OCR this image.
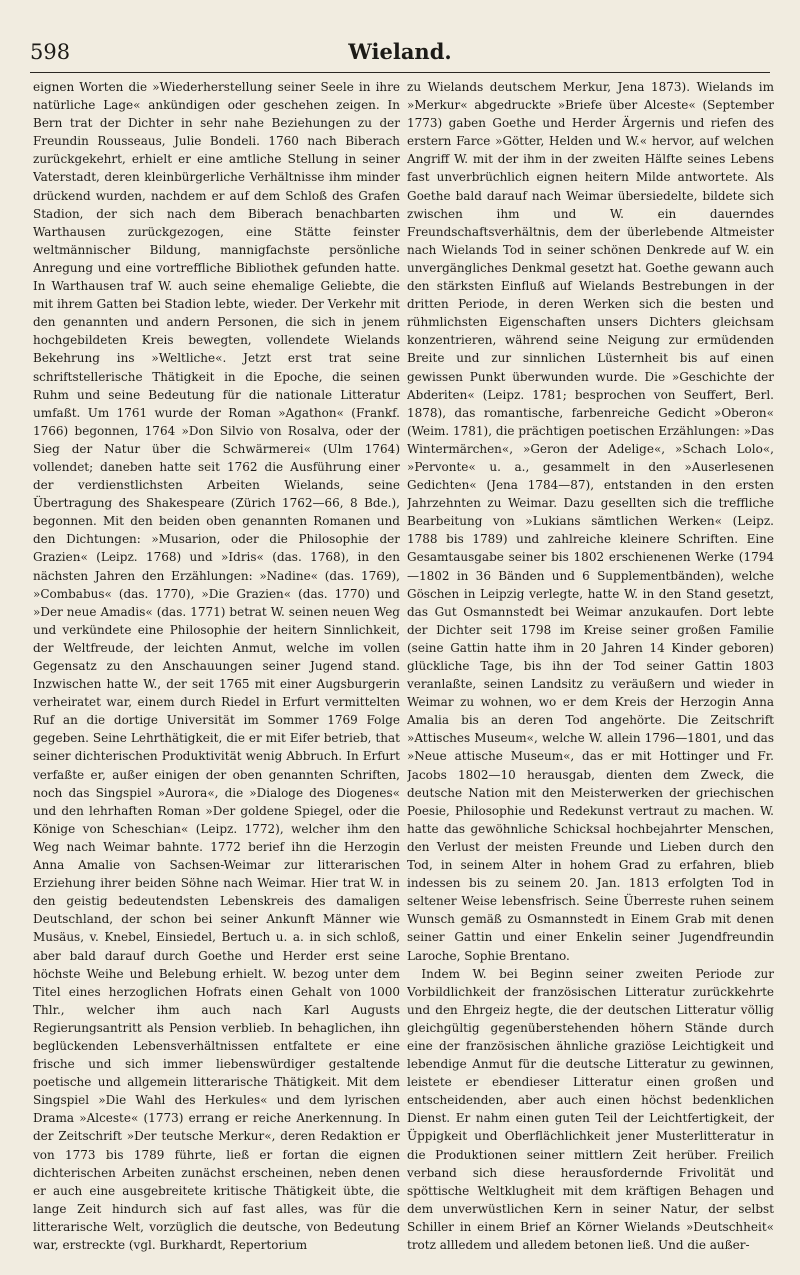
598	Wieland.

eignen Worten die »Wiederherstellung seiner Seele in ihre natürliche Lage« ankündigen oder geschehen zeigen. In Bern trat der Dichter in sehr nahe Beziehungen zu der Freundin Rousseaus, Julie Bondeli. 1760 nach Biberach zurückgekehrt, erhielt er eine amtliche Stellung in seiner Vaterstadt, deren kleinbürgerliche Verhältnisse ihm minder drückend wurden, nachdem er auf dem Schloß des Grafen Stadion, der sich nach dem Biberach benachbarten Warthausen zurückgezogen, eine Stätte feinster weltmännischer Bildung, mannigfachste persönliche Anregung und eine vortreffliche Bibliothek gefunden hatte. In Warthausen traf W. auch seine ehemalige Geliebte, die mit ihrem Gatten bei Stadion lebte, wieder. Der Verkehr mit den genannten und andern Personen, die sich in jenem hochgebildeten Kreis bewegten, vollendete Wielands Bekehrung ins »Weltliche«. Jetzt erst trat seine schriftstellerische Thätigkeit in die Epoche, die seinen Ruhm und seine Bedeutung für die nationale Litteratur umfaßt. Um 1761 wurde der Roman »Agathon« (Frankf. 1766) begonnen, 1764 »Don Silvio von Rosalva, oder der Sieg der Natur über die Schwärmerei« (Ulm 1764) vollendet; daneben hatte seit 1762 die Ausführung einer der verdienstlichsten Arbeiten Wielands, seine Übertragung des Shakespeare (Zürich 1762—66, 8 Bde.), begonnen. Mit den beiden oben genannten Romanen und den Dichtungen: »Musarion, oder die Philosophie der Grazien« (Leipz. 1768) und »Idris« (das. 1768), in den nächsten Jahren den Erzählungen: »Nadine« (das. 1769), »Combabus« (das. 1770), »Die Grazien« (das. 1770) und »Der neue Amadis« (das. 1771) betrat W. seinen neuen Weg und verkündete eine Philosophie der heitern Sinnlichkeit, der Weltfreude, der leichten Anmut, welche im vollen Gegensatz zu den Anschauungen seiner Jugend stand. Inzwischen hatte W., der seit 1765 mit einer Augsburgerin verheiratet war, einem durch Riedel in Erfurt vermittelten Ruf an die dortige Universität im Sommer 1769 Folge gegeben. Seine Lehrthätigkeit, die er mit Eifer betrieb, that seiner dichterischen Produktivität wenig Abbruch. In Erfurt verfaßte er, außer einigen der oben genannten Schriften, noch das Singspiel »Aurora«, die »Dialoge des Diogenes« und den lehrhaften Roman »Der goldene Spiegel, oder die Könige von Scheschian« (Leipz. 1772), welcher ihm den Weg nach Weimar bahnte. 1772 berief ihn die Herzogin Anna Amalie von Sachsen-Weimar zur litterarischen Erziehung ihrer beiden Söhne nach Weimar. Hier trat W. in den geistig bedeutendsten Lebenskreis des damaligen Deutschland, der schon bei seiner Ankunft Männer wie Musäus, v. Knebel, Einsiedel, Bertuch u. a. in sich schloß, aber bald darauf durch Goethe und Herder erst seine höchste Weihe und Belebung erhielt. W. bezog unter dem Titel eines herzoglichen Hofrats einen Gehalt von 1000 Thlr., welcher ihm auch nach Karl Augusts Regierungsantritt als Pension verblieb. In behaglichen, ihn beglückenden Lebensverhältnissen entfaltete er eine frische und sich immer liebenswürdiger gestaltende poetische und allgemein litterarische Thätigkeit. Mit dem Singspiel »Die Wahl des Herkules« und dem lyrischen Drama »Alceste« (1773) errang er reiche Anerkennung. In der Zeitschrift »Der teutsche Merkur«, deren Redaktion er von 1773 bis 1789 führte, ließ er fortan die eignen dichterischen Arbeiten zunächst erscheinen, neben denen er auch eine ausgebreitete kritische Thätigkeit übte, die lange Zeit hindurch sich auf fast alles, was für die litterarische Welt, vorzüglich die deutsche, von Bedeutung war, erstreckte (vgl. Burkhardt, Repertorium

zu Wielands deutschem Merkur, Jena 1873). Wielands im »Merkur« abgedruckte »Briefe über Alceste« (September 1773) gaben Goethe und Herder Ärgernis und riefen des erstern Farce »Götter, Helden und W.« hervor, auf welchen Angriff W. mit der ihm in der zweiten Hälfte seines Lebens fast unverbrüchlich eignen heitern Milde antwortete. Als Goethe bald darauf nach Weimar übersiedelte, bildete sich zwischen ihm und W. ein dauerndes Freundschaftsverhältnis, dem der überlebende Altmeister nach Wielands Tod in seiner schönen Denkrede auf W. ein unvergängliches Denkmal gesetzt hat. Goethe gewann auch den stärksten Einfluß auf Wielands Bestrebungen in der dritten Periode, in deren Werken sich die besten und rühmlichsten Eigenschaften unsers Dichters gleichsam konzentrieren, während seine Neigung zur ermüdenden Breite und zur sinnlichen Lüsternheit bis auf einen gewissen Punkt überwunden wurde. Die »Geschichte der Abderiten« (Leipz. 1781; besprochen von Seuffert, Berl. 1878), das romantische, farbenreiche Gedicht »Oberon« (Weim. 1781), die prächtigen poetischen Erzählungen: »Das Wintermärchen«, »Geron der Adelige«, »Schach Lolo«, »Pervonte« u. a., gesammelt in den »Auserlesenen Gedichten« (Jena 1784—87), entstanden in den ersten Jahrzehnten zu Weimar. Dazu gesellten sich die treffliche Bearbeitung von »Lukians sämtlichen Werken« (Leipz. 1788 bis 1789) und zahlreiche kleinere Schriften. Eine Gesamtausgabe seiner bis 1802 erschienenen Werke (1794—1802 in 36 Bänden und 6 Supplementbänden), welche Göschen in Leipzig verlegte, hatte W. in den Stand gesetzt, das Gut Osmannstedt bei Weimar anzukaufen. Dort lebte der Dichter seit 1798 im Kreise seiner großen Familie (seine Gattin hatte ihm in 20 Jahren 14 Kinder geboren) glückliche Tage, bis ihn der Tod seiner Gattin 1803 veranlaßte, seinen Landsitz zu veräußern und wieder in Weimar zu wohnen, wo er dem Kreis der Herzogin Anna Amalia bis an deren Tod angehörte. Die Zeitschrift »Attisches Museum«, welche W. allein 1796—1801, und das »Neue attische Museum«, das er mit Hottinger und Fr. Jacobs 1802—10 herausgab, dienten dem Zweck, die deutsche Nation mit den Meisterwerken der griechischen Poesie, Philosophie und Redekunst vertraut zu machen. W. hatte das gewöhnliche Schicksal hochbejahrter Menschen, den Verlust der meisten Freunde und Lieben durch den Tod, in seinem Alter in hohem Grad zu erfahren, blieb indessen bis zu seinem 20. Jan. 1813 erfolgten Tod in seltener Weise lebensfrisch. Seine Überreste ruhen seinem Wunsch gemäß zu Osmannstedt in Einem Grab mit denen seiner Gattin und einer Enkelin seiner Jugendfreundin Laroche, Sophie Brentano.

Indem W. bei Beginn seiner zweiten Periode zur Vorbildlichkeit der französischen Litteratur zurückkehrte und den Ehrgeiz hegte, die der deutschen Litteratur völlig gleichgültig gegenüberstehenden höhern Stände durch eine der französischen ähnliche graziöse Leichtigkeit und lebendige Anmut für die deutsche Litteratur zu gewinnen, leistete er ebendieser Litteratur einen großen und entscheidenden, aber auch einen höchst bedenklichen Dienst. Er nahm einen guten Teil der Leichtfertigkeit, der Üppigkeit und Oberflächlichkeit jener Musterlitteratur in die Produktionen seiner mittlern Zeit herüber. Freilich verband sich diese herausfordernde Frivolität und spöttische Weltklugheit mit dem kräftigen Behagen und dem unverwüstlichen Kern in seiner Natur, der selbst Schiller in einem Brief an Körner Wielands »Deutschheit« trotz allledem und alledem betonen ließ. Und die außer-
